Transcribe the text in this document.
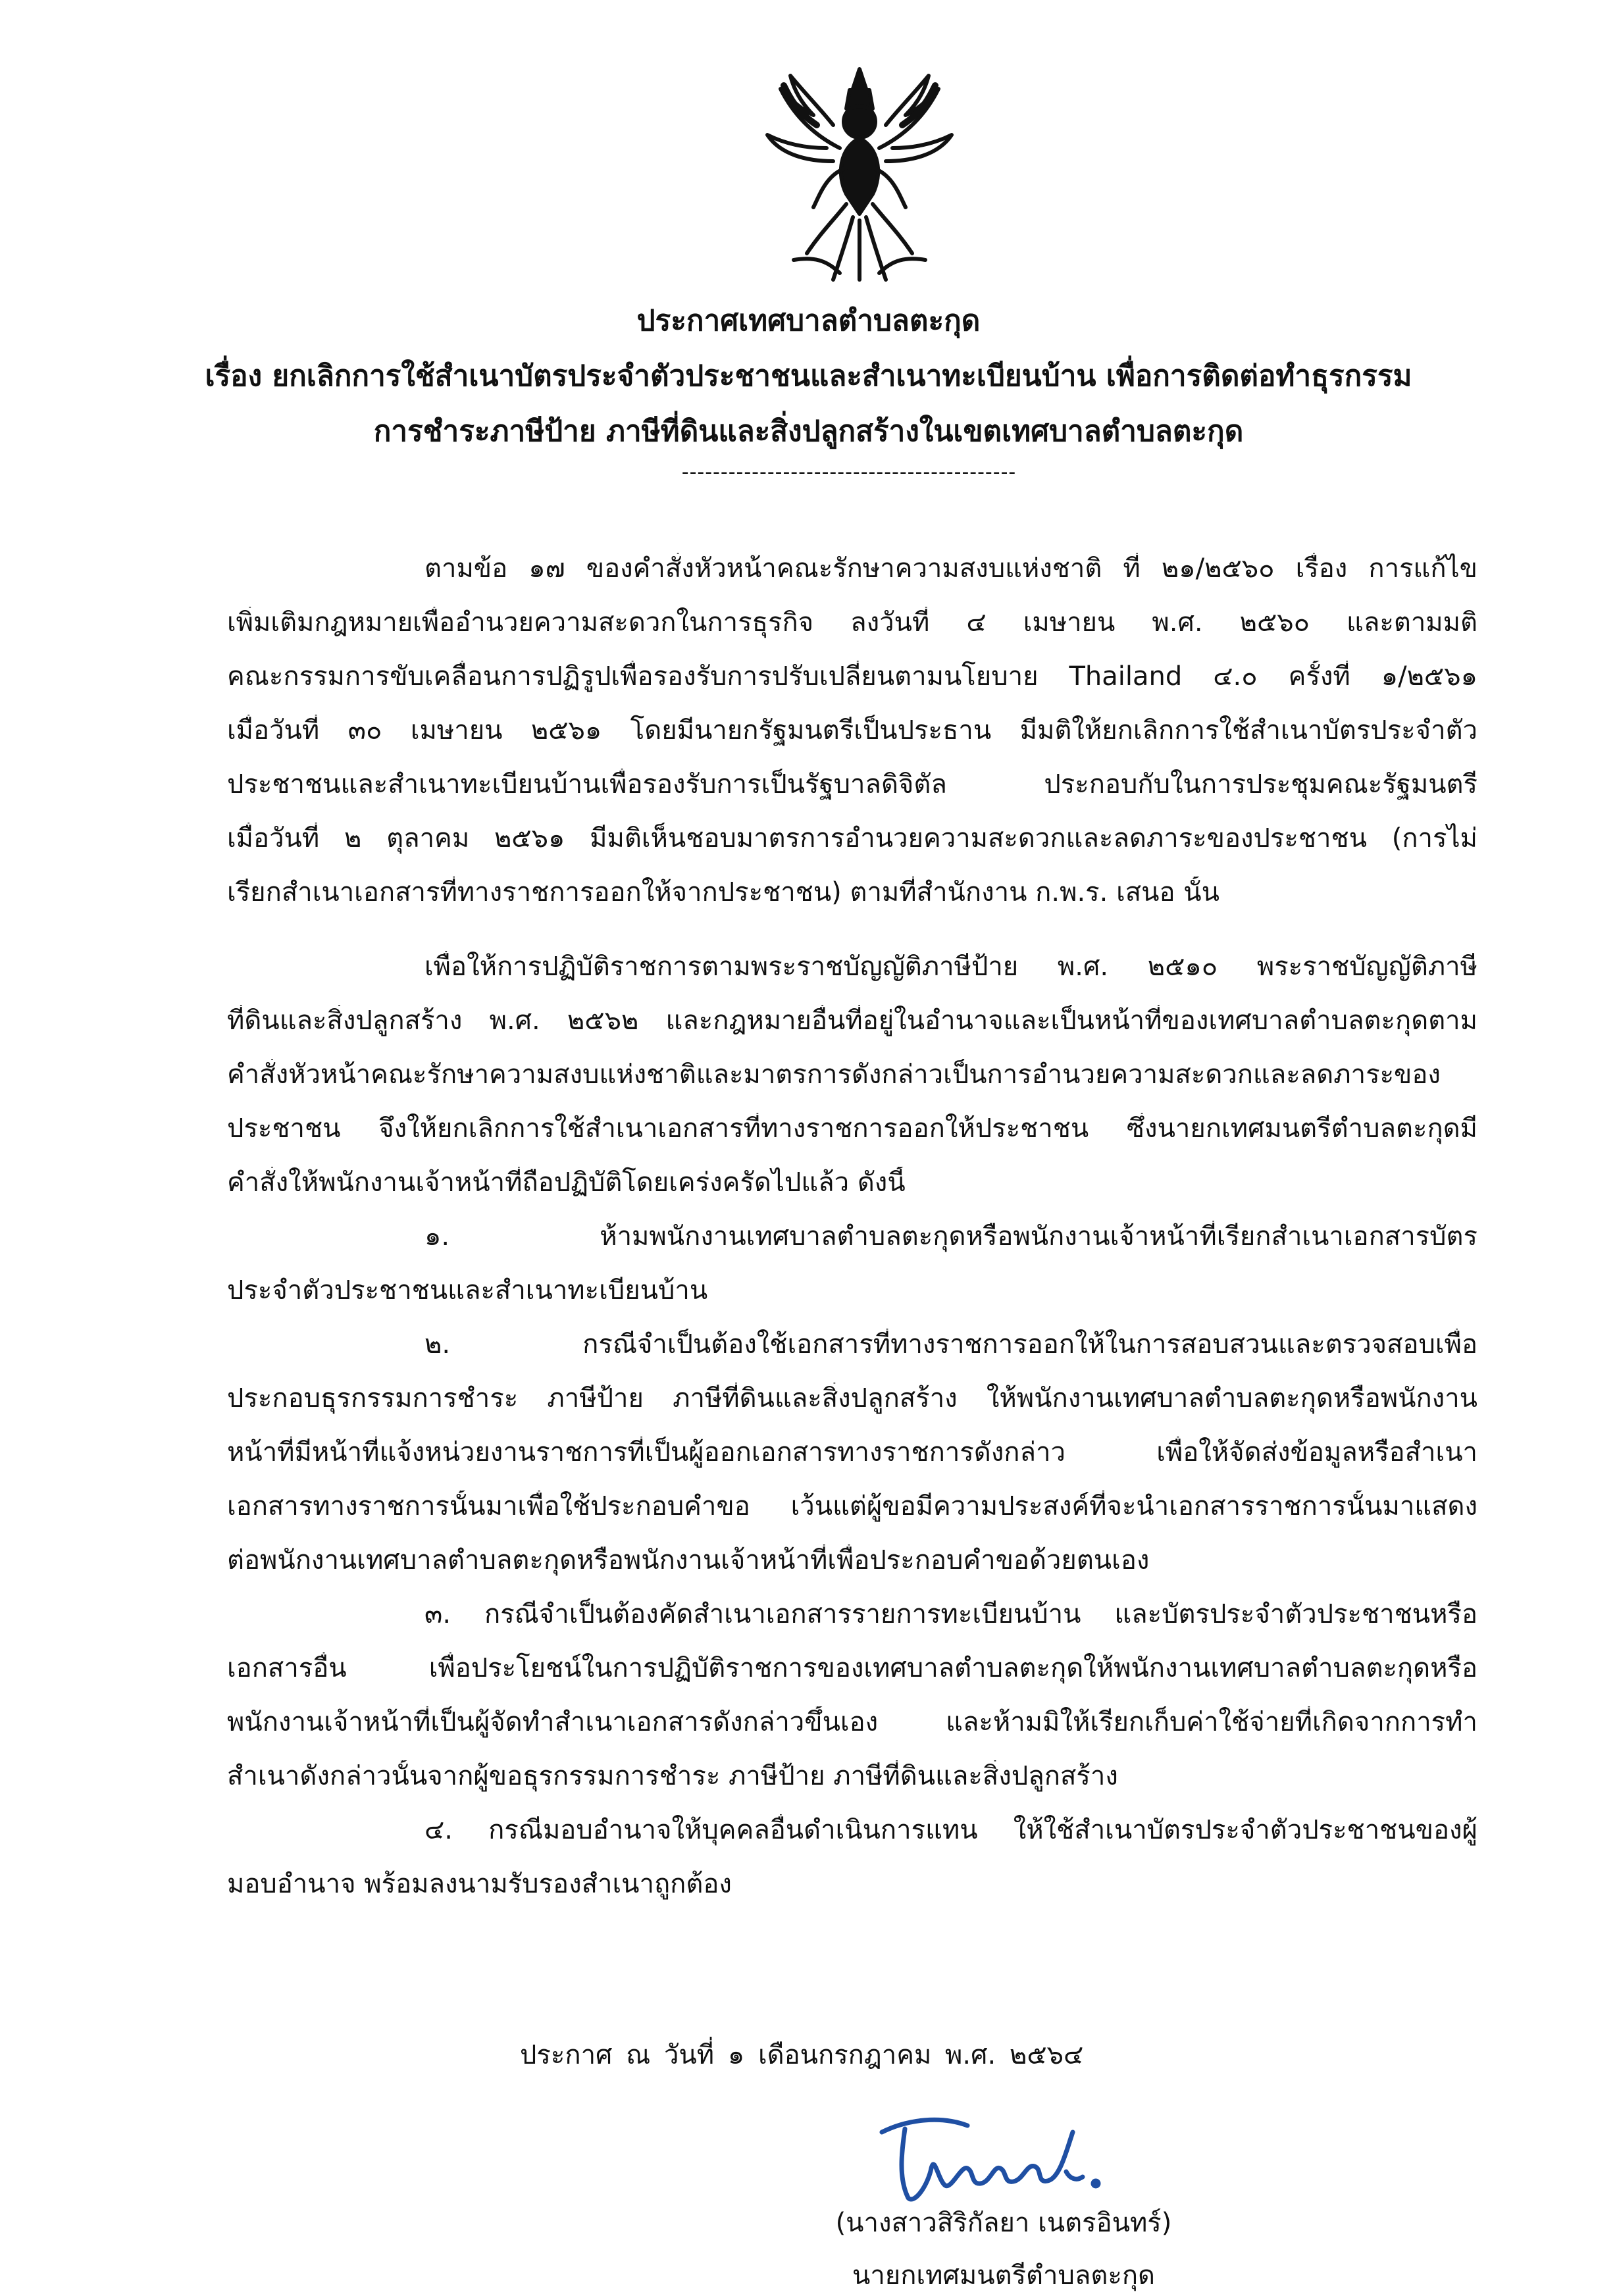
ประกาศเทศบาลตำบลตะกุด
เรื่อง ยกเลิกการใช้สำเนาบัตรประจำตัวประชาชนและสำเนาทะเบียนบ้าน เพื่อการติดต่อทำธุรกรรม
การชำระภาษีป้าย ภาษีที่ดินและสิ่งปลูกสร้างในเขตเทศบาลตำบลตะกุด
-------------------------------------------
ตามข้อ ๑๗ ของคำสั่งหัวหน้าคณะรักษาความสงบแห่งชาติ ที่ ๒๑/๒๕๖๐ เรื่อง การแก้ไข
เพิ่มเติมกฎหมายเพื่ออำนวยความสะดวกในการธุรกิจ ลงวันที่ ๔ เมษายน พ.ศ. ๒๕๖๐ และตามมติ
คณะกรรมการขับเคลื่อนการปฏิรูปเพื่อรองรับการปรับเปลี่ยนตามนโยบาย Thailand ๔.๐ ครั้งที่ ๑/๒๕๖๑
เมื่อวันที่ ๓๐ เมษายน ๒๕๖๑ โดยมีนายกรัฐมนตรีเป็นประธาน มีมติให้ยกเลิกการใช้สำเนาบัตรประจำตัว
ประชาชนและสำเนาทะเบียนบ้านเพื่อรองรับการเป็นรัฐบาลดิจิตัล ประกอบกับในการประชุมคณะรัฐมนตรี
เมื่อวันที่ ๒ ตุลาคม ๒๕๖๑ มีมติเห็นชอบมาตรการอำนวยความสะดวกและลดภาระของประชาชน (การไม่
เรียกสำเนาเอกสารที่ทางราชการออกให้จากประชาชน) ตามที่สำนักงาน ก.พ.ร. เสนอ นั้น
เพื่อให้การปฏิบัติราชการตามพระราชบัญญัติภาษีป้าย พ.ศ. ๒๕๑๐ พระราชบัญญัติภาษี
ที่ดินและสิ่งปลูกสร้าง พ.ศ. ๒๕๖๒ และกฎหมายอื่นที่อยู่ในอำนาจและเป็นหน้าที่ของเทศบาลตำบลตะกุดตาม
คำสั่งหัวหน้าคณะรักษาความสงบแห่งชาติและมาตรการดังกล่าวเป็นการอำนวยความสะดวกและลดภาระของ
ประชาชน จึงให้ยกเลิกการใช้สำเนาเอกสารที่ทางราชการออกให้ประชาชน ซึ่งนายกเทศมนตรีตำบลตะกุดมี
คำสั่งให้พนักงานเจ้าหน้าที่ถือปฏิบัติโดยเคร่งครัดไปแล้ว ดังนี้
๑. ห้ามพนักงานเทศบาลตำบลตะกุดหรือพนักงานเจ้าหน้าที่เรียกสำเนาเอกสารบัตร
ประจำตัวประชาชนและสำเนาทะเบียนบ้าน
๒. กรณีจำเป็นต้องใช้เอกสารที่ทางราชการออกให้ในการสอบสวนและตรวจสอบเพื่อ
ประกอบธุรกรรมการชำระ ภาษีป้าย ภาษีที่ดินและสิ่งปลูกสร้าง ให้พนักงานเทศบาลตำบลตะกุดหรือพนักงาน
หน้าที่มีหน้าที่แจ้งหน่วยงานราชการที่เป็นผู้ออกเอกสารทางราชการดังกล่าว เพื่อให้จัดส่งข้อมูลหรือสำเนา
เอกสารทางราชการนั้นมาเพื่อใช้ประกอบคำขอ เว้นแต่ผู้ขอมีความประสงค์ที่จะนำเอกสารราชการนั้นมาแสดง
ต่อพนักงานเทศบาลตำบลตะกุดหรือพนักงานเจ้าหน้าที่เพื่อประกอบคำขอด้วยตนเอง
๓. กรณีจำเป็นต้องคัดสำเนาเอกสารรายการทะเบียนบ้าน และบัตรประจำตัวประชาชนหรือ
เอกสารอื่น เพื่อประโยชน์ในการปฏิบัติราชการของเทศบาลตำบลตะกุดให้พนักงานเทศบาลตำบลตะกุดหรือ
พนักงานเจ้าหน้าที่เป็นผู้จัดทำสำเนาเอกสารดังกล่าวขึ้นเอง และห้ามมิให้เรียกเก็บค่าใช้จ่ายที่เกิดจากการทำ
สำเนาดังกล่าวนั้นจากผู้ขอธุรกรรมการชำระ ภาษีป้าย ภาษีที่ดินและสิ่งปลูกสร้าง
๔. กรณีมอบอำนาจให้บุคคลอื่นดำเนินการแทน ให้ใช้สำเนาบัตรประจำตัวประชาชนของผู้
มอบอำนาจ พร้อมลงนามรับรองสำเนาถูกต้อง
ประกาศ ณ วันที่ ๑ เดือนกรกฎาคม พ.ศ. ๒๕๖๔
(นางสาวสิริกัลยา เนตรอินทร์)
นายกเทศมนตรีตำบลตะกุด
